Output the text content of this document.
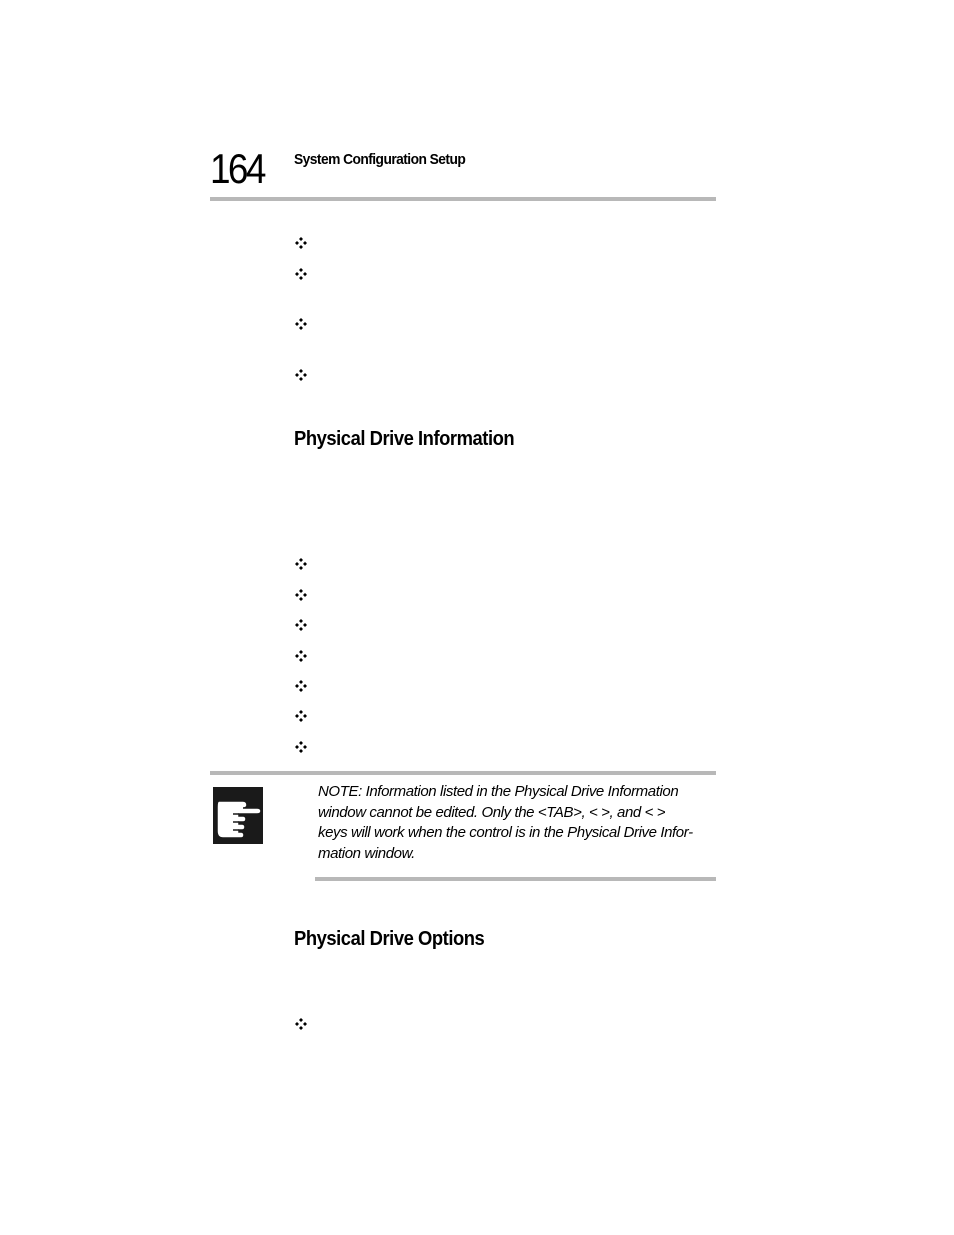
164 System Configuration Setup
Physical Drive Information
NOTE: Information listed in the Physical Drive Information
window cannot be edited. Only the <TAB>, < >, and < >
keys will work when the control is in the Physical Drive Infor-
mation window.
Physical Drive Options
